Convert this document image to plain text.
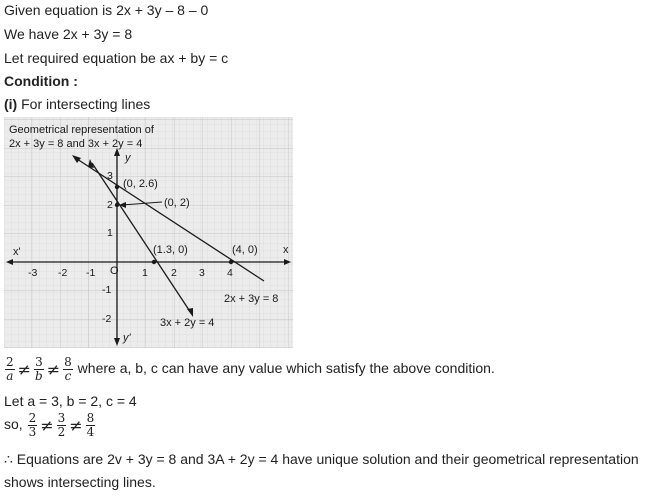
Given equation is 2x + 3y – 8 – 0
We have 2x + 3y = 8
Let required equation be ax + by = c
Condition :
(i) For intersecting lines
Geometrical representation of
2x + 3y = 8 and 3x + 2y = 4
x
x'
y
y'
O
-3 -2 -1	1 2 3 4
3
2
1
-1
-2
(0, 2.6)
(0, 2)
(1.3, 0)	(4, 0)
2x + 3y = 8
3x + 2y = 4
$\frac{2}{a} \ne \frac{3}{b} \ne \frac{8}{c}$ where a, b, c can have any value which satisfy the above condition.
Let a = 3, b = 2, c = 4
so, $\frac{2}{3} \ne \frac{3}{2} \ne \frac{8}{4}$
∴ Equations are 2v + 3y = 8 and 3A + 2y = 4 have unique solution and their geometrical representation
shows intersecting lines.
